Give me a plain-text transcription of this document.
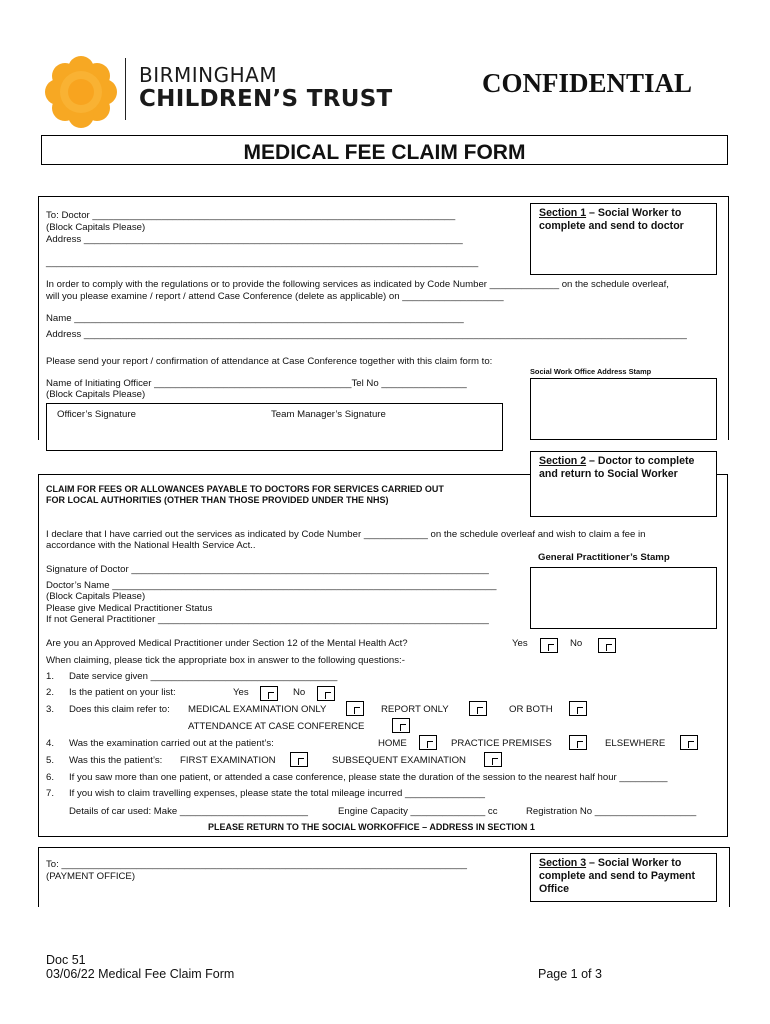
BIRMINGHAM
CHILDREN’S TRUST
CONFIDENTIAL
MEDICAL FEE CLAIM FORM
To: Doctor ____________________________________________________________________
(Block Capitals Please)
Address _______________________________________________________________________
_________________________________________________________________________________
Section 1 – Social Worker to complete and send to doctor
In order to comply with the regulations or to provide the following services as indicated by Code Number _____________ on the schedule overleaf,
will you please examine / report / attend Case Conference (delete as applicable) on ___________________
Name _________________________________________________________________________
Address _________________________________________________________________________________________________________________
Please send your report / confirmation of attendance at Case Conference together with this claim form to:
Social Work Office Address Stamp
Name of Initiating Officer _____________________________________Tel No ________________
(Block Capitals Please)
Officer’s Signature	Team Manager’s Signature
CLAIM FOR FEES OR ALLOWANCES PAYABLE TO DOCTORS FOR SERVICES CARRIED OUT
FOR LOCAL AUTHORITIES (OTHER THAN THOSE PROVIDED UNDER THE NHS)
Section 2 – Doctor to complete and return to Social Worker
I declare that I have carried out the services as indicated by Code Number ____________ on the schedule overleaf and wish to claim a fee in
accordance with the National Health Service Act..
General Practitioner’s Stamp
Signature of Doctor ___________________________________________________________________
Doctor’s Name ________________________________________________________________________
(Block Capitals Please)
Please give Medical Practitioner Status
If not General Practitioner ______________________________________________________________
Are you an Approved Medical Practitioner under Section 12 of the Mental Health Act?	Yes	No
When claiming, please tick the appropriate box in answer to the following questions:-
1. Date service given ___________________________________
2. Is the patient on your list:	Yes	No
3. Does this claim refer to: MEDICAL EXAMINATION ONLY	REPORT ONLY	OR BOTH
ATTENDANCE AT CASE CONFERENCE
4. Was the examination carried out at the patient’s:	HOME	PRACTICE PREMISES	ELSEWHERE
5. Was this the patient’s: FIRST EXAMINATION	SUBSEQUENT EXAMINATION
6. If you saw more than one patient, or attended a case conference, please state the duration of the session to the nearest half hour _________
7. If you wish to claim travelling expenses, please state the total mileage incurred _______________
Details of car used: Make ________________________	Engine Capacity ______________ cc	Registration No ___________________
PLEASE RETURN TO THE SOCIAL WORKOFFICE – ADDRESS IN SECTION 1
To: ____________________________________________________________________________
(PAYMENT OFFICE)
Section 3 – Social Worker to complete and send to Payment Office
Doc 51
03/06/22 Medical Fee Claim Form	Page 1 of 3
